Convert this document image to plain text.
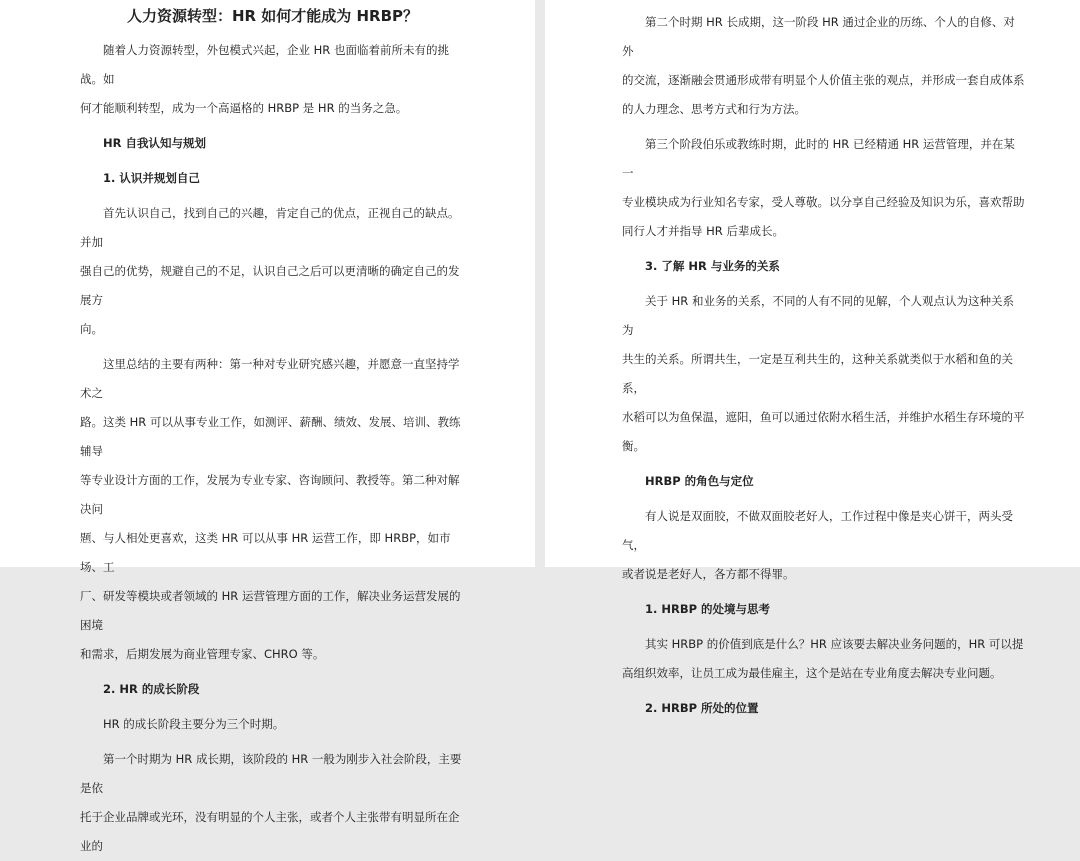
人力资源转型：HR 如何才能成为 HRBP？

随着人力资源转型，外包模式兴起，企业 HR 也面临着前所未有的挑战。如

何才能顺利转型，成为一个高逼格的 HRBP 是 HR 的当务之急。

HR 自我认知与规划

1. 认识并规划自己

首先认识自己，找到自己的兴趣，肯定自己的优点，正视自己的缺点。并加

强自己的优势，规避自己的不足，认识自己之后可以更清晰的确定自己的发展方

向。

这里总结的主要有两种：第一种对专业研究感兴趣，并愿意一直坚持学术之

路。这类 HR 可以从事专业工作，如测评、薪酬、绩效、发展、培训、教练辅导

等专业设计方面的工作，发展为专业专家、咨询顾问、教授等。第二种对解决问

题、与人相处更喜欢，这类 HR 可以从事 HR 运营工作，即 HRBP，如市场、工

厂、研发等模块或者领域的 HR 运营管理方面的工作，解决业务运营发展的困境

和需求，后期发展为商业管理专家、CHRO 等。

2. HR 的成长阶段

HR 的成长阶段主要分为三个时期。

第一个时期为 HR 成长期，该阶段的 HR 一般为刚步入社会阶段，主要是依

托于企业品牌或光环，没有明显的个人主张，或者个人主张带有明显所在企业的

第二个时期 HR 长成期，这一阶段 HR 通过企业的历练、个人的自修、对外

的交流，逐渐融会贯通形成带有明显个人价值主张的观点，并形成一套自成体系

的人力理念、思考方式和行为方法。

第三个阶段伯乐或教练时期，此时的 HR 已经精通 HR 运营管理，并在某一

专业模块成为行业知名专家，受人尊敬。以分享自己经验及知识为乐，喜欢帮助

同行人才并指导 HR 后辈成长。

3. 了解 HR 与业务的关系

关于 HR 和业务的关系，不同的人有不同的见解，个人观点认为这种关系为

共生的关系。所谓共生，一定是互利共生的，这种关系就类似于水稻和鱼的关系，

水稻可以为鱼保温，遮阳，鱼可以通过依附水稻生活，并维护水稻生存环境的平

衡。

HRBP 的角色与定位

有人说是双面胶，不做双面胶老好人，工作过程中像是夹心饼干，两头受气，

或者说是老好人，各方都不得罪。

1. HRBP 的处境与思考

其实 HRBP 的价值到底是什么？HR 应该要去解决业务问题的，HR 可以提

高组织效率，让员工成为最佳雇主，这个是站在专业角度去解决专业问题。

2. HRBP 所处的位置

大数跨境
